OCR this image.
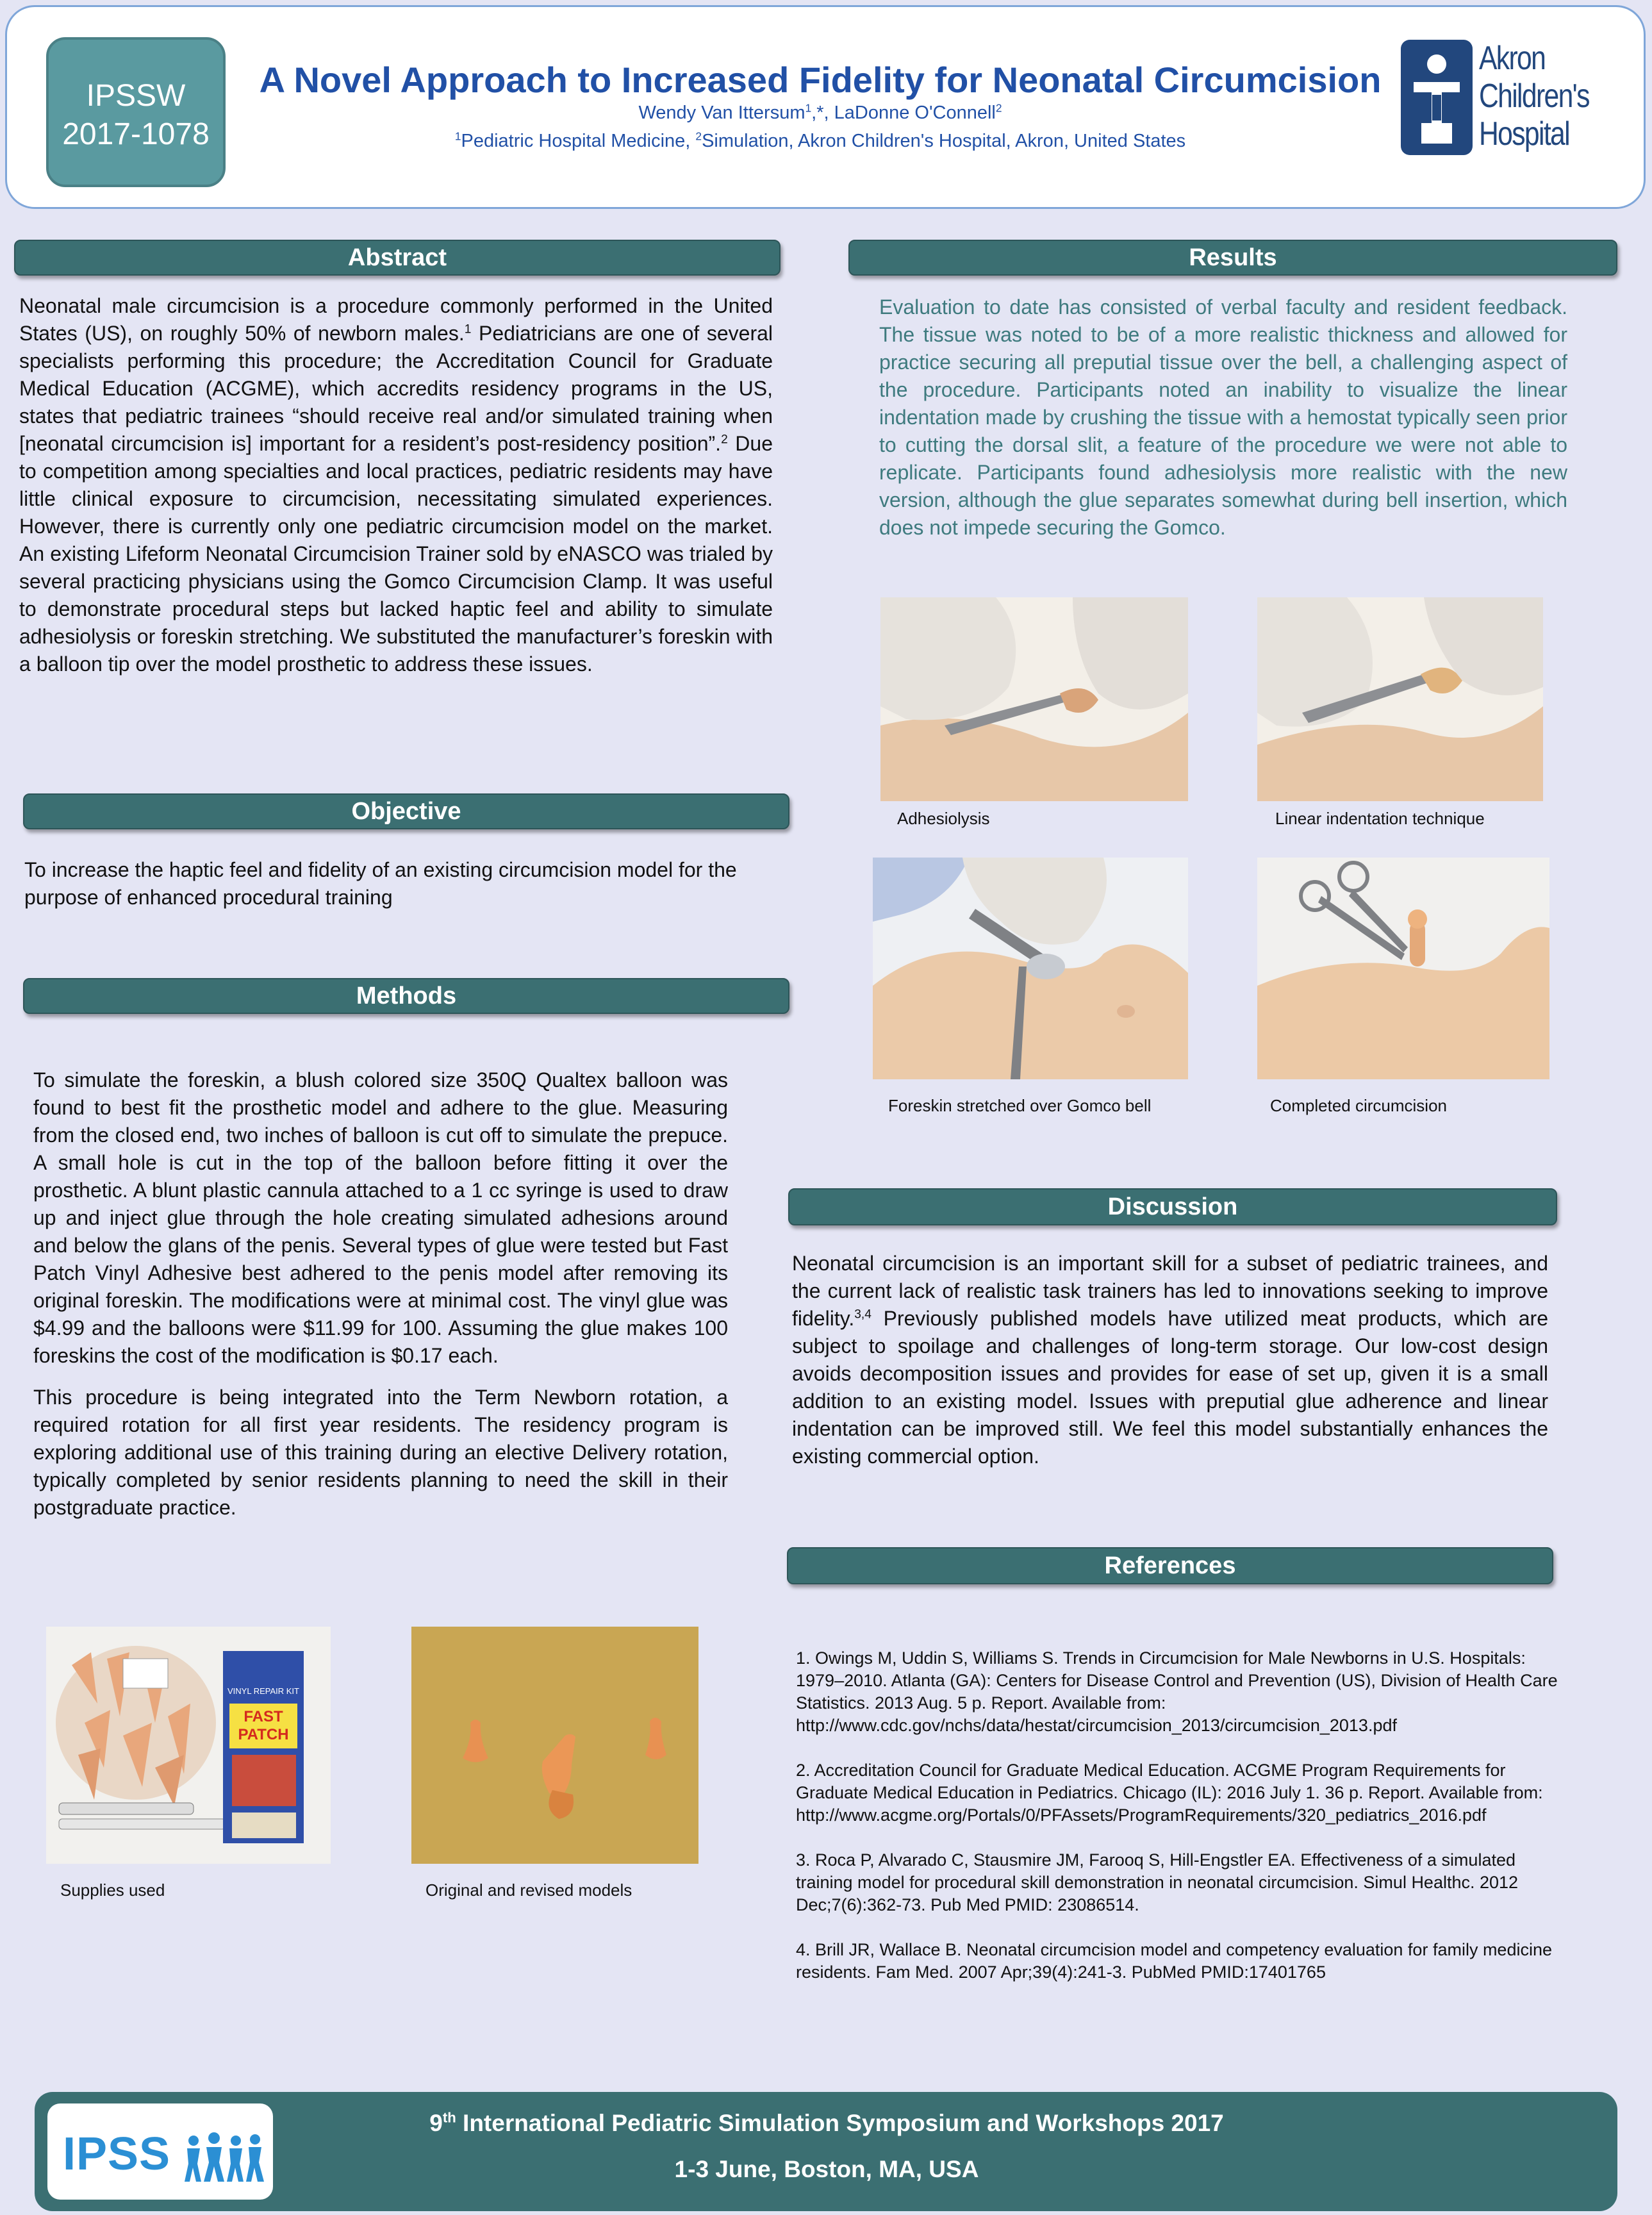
IPSSW
2017-1078
A Novel Approach to Increased Fidelity for Neonatal Circumcision
Wendy Van Ittersum$^1$,*, LaDonne O'Connell$^2$
$^1$Pediatric Hospital Medicine, $^2$Simulation, Akron Children's Hospital, Akron, United States
Akron
Children's
Hospital
Abstract
Neonatal male circumcision is a procedure commonly performed in the United States (US), on roughly 50% of newborn males.$^1$ Pediatricians are one of several specialists performing this procedure; the Accreditation Council for Graduate Medical Education (ACGME), which accredits residency programs in the US, states that pediatric trainees “should receive real and/or simulated training when [neonatal circumcision is] important for a resident’s post-residency position”.$^2$ Due to competition among specialties and local practices, pediatric residents may have little clinical exposure to circumcision, necessitating simulated experiences. However, there is currently only one pediatric circumcision model on the market. An existing Lifeform Neonatal Circumcision Trainer sold by eNASCO was trialed by several practicing physicians using the Gomco Circumcision Clamp. It was useful to demonstrate procedural steps but lacked haptic feel and ability to simulate adhesiolysis or foreskin stretching. We substituted the manufacturer’s foreskin with a balloon tip over the model prosthetic to address these issues.
Objective
To increase the haptic feel and fidelity of an existing circumcision model for the purpose of enhanced procedural training
Methods

To simulate the foreskin, a blush colored size 350Q Qualtex balloon was found to best fit the prosthetic model and adhere to the glue. Measuring from the closed end, two inches of balloon is cut off to simulate the prepuce. A small hole is cut in the top of the balloon before fitting it over the prosthetic. A blunt plastic cannula attached to a 1 cc syringe is used to draw up and inject glue through the hole creating simulated adhesions around and below the glans of the penis. Several types of glue were tested but Fast Patch Vinyl Adhesive best adhered to the penis model after removing its original foreskin. The modifications were at minimal cost. The vinyl glue was $4.99 and the balloons were $11.99 for 100. Assuming the glue makes 100 foreskins the cost of the modification is $0.17 each.

This procedure is being integrated into the Term Newborn rotation, a required rotation for all first year residents. The residency program is exploring additional use of this training during an elective Delivery rotation, typically completed by senior residents planning to need the skill in their postgraduate practice.

VINYL REPAIR KIT
FAST
PATCH
Supplies used	Original and revised models
Results
Evaluation to date has consisted of verbal faculty and resident feedback. The tissue was noted to be of a more realistic thickness and allowed for practice securing all preputial tissue over the bell, a challenging aspect of the procedure. Participants noted an inability to visualize the linear indentation made by crushing the tissue with a hemostat typically seen prior to cutting the dorsal slit, a feature of the procedure we were not able to replicate. Participants found adhesiolysis more realistic with the new version, although the glue separates somewhat during bell insertion, which does not impede securing the Gomco.
Adhesiolysis	Linear indentation technique
Foreskin stretched over Gomco bell	Completed circumcision
Discussion
Neonatal circumcision is an important skill for a subset of pediatric trainees, and the current lack of realistic task trainers has led to innovations seeking to improve fidelity.$^{3,4}$ Previously published models have utilized meat products, which are subject to spoilage and challenges of long-term storage. Our low-cost design avoids decomposition issues and provides for ease of set up, given it is a small addition to an existing model. Issues with preputial glue adherence and linear indentation can be improved still. We feel this model substantially enhances the existing commercial option.
References
1. Owings M, Uddin S, Williams S. Trends in Circumcision for Male Newborns in U.S. Hospitals: 1979–2010. Atlanta (GA): Centers for Disease Control and Prevention (US), Division of Health Care Statistics. 2013 Aug. 5 p. Report. Available from: http://www.cdc.gov/nchs/data/hestat/circumcision_2013/circumcision_2013.pdf
2. Accreditation Council for Graduate Medical Education. ACGME Program Requirements for Graduate Medical Education in Pediatrics. Chicago (IL): 2016 July 1. 36 p. Report. Available from: http://www.acgme.org/Portals/0/PFAssets/ProgramRequirements/320_pediatrics_2016.pdf
3. Roca P, Alvarado C, Stausmire JM, Farooq S, Hill-Engstler EA. Effectiveness of a simulated training model for procedural skill demonstration in neonatal circumcision. Simul Healthc. 2012 Dec;7(6):362-73. Pub Med PMID: 23086514.
4. Brill JR, Wallace B. Neonatal circumcision model and competency evaluation for family medicine residents. Fam Med. 2007 Apr;39(4):241-3. PubMed PMID:17401765
IPSS
9th International Pediatric Simulation Symposium and Workshops 2017
1-3 June, Boston, MA, USA
